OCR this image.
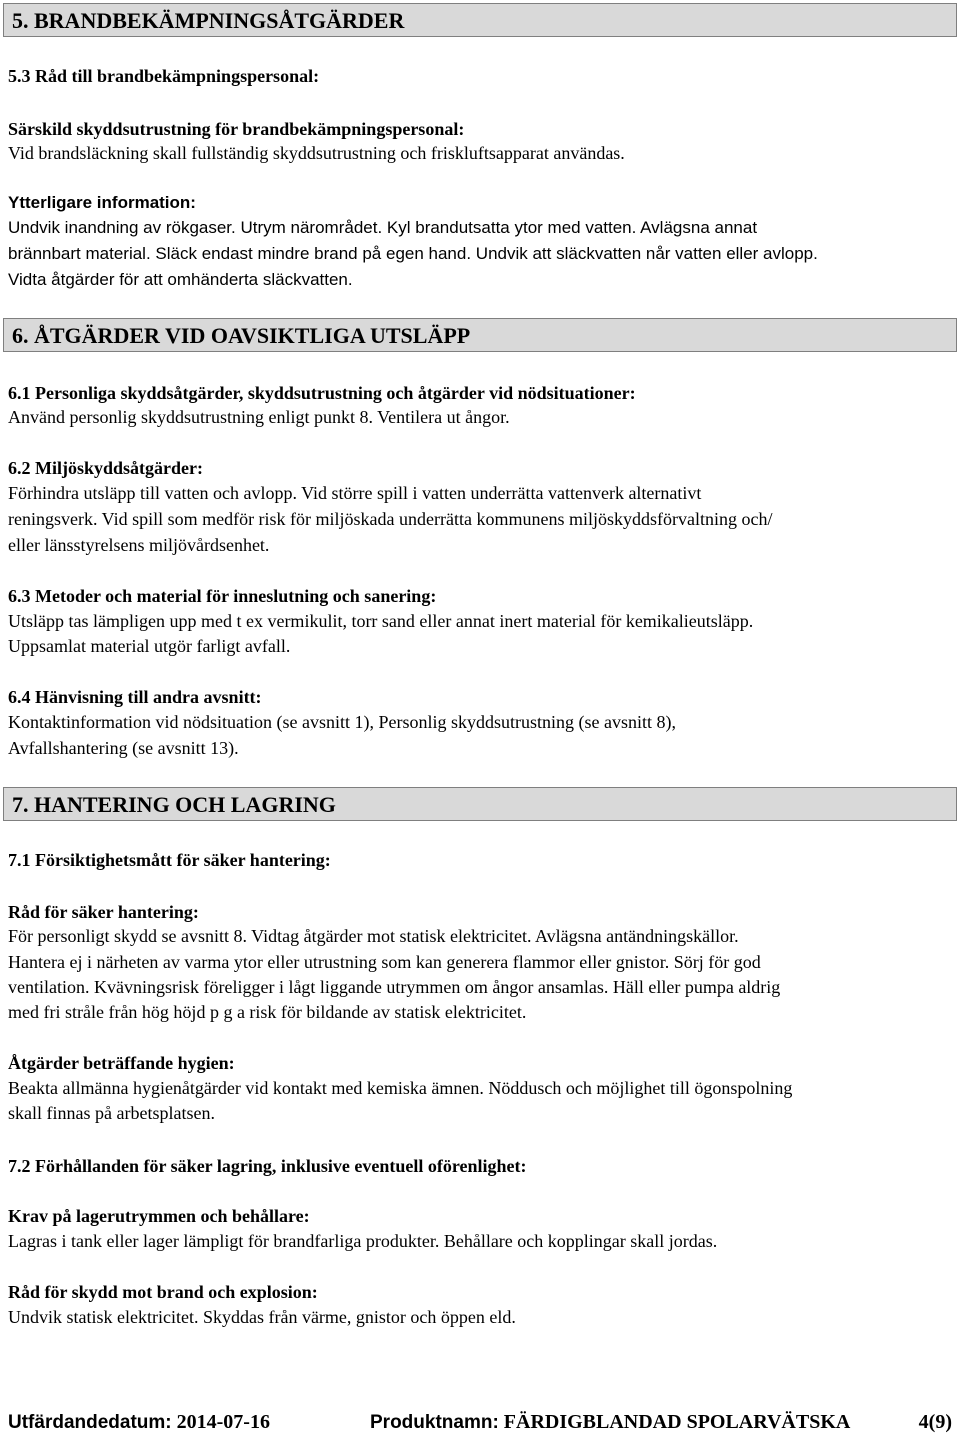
5. BRANDBEKÄMPNINGSÅTGÄRDER
5.3 Råd till brandbekämpningspersonal:
Särskild skyddsutrustning för brandbekämpningspersonal:
Vid brandsläckning skall fullständig skyddsutrustning och friskluftsapparat användas.
Ytterligare information:
Undvik inandning av rökgaser. Utrym närområdet. Kyl brandutsatta ytor med vatten. Avlägsna annat
brännbart material. Släck endast mindre brand på egen hand. Undvik att släckvatten når vatten eller avlopp.
Vidta åtgärder för att omhänderta släckvatten.
6. ÅTGÄRDER VID OAVSIKTLIGA UTSLÄPP
6.1 Personliga skyddsåtgärder, skyddsutrustning och åtgärder vid nödsituationer:
Använd personlig skyddsutrustning enligt punkt 8. Ventilera ut ångor.
6.2 Miljöskyddsåtgärder:
Förhindra utsläpp till vatten och avlopp. Vid större spill i vatten underrätta vattenverk alternativt
reningsverk. Vid spill som medför risk för miljöskada underrätta kommunens miljöskyddsförvaltning och/
eller länsstyrelsens miljövårdsenhet.
6.3 Metoder och material för inneslutning och sanering:
Utsläpp tas lämpligen upp med t ex vermikulit, torr sand eller annat inert material för kemikalieutsläpp.
Uppsamlat material utgör farligt avfall.
6.4 Hänvisning till andra avsnitt:
Kontaktinformation vid nödsituation (se avsnitt 1), Personlig skyddsutrustning (se avsnitt 8),
Avfallshantering (se avsnitt 13).
7. HANTERING OCH LAGRING
7.1 Försiktighetsmått för säker hantering:
Råd för säker hantering:
För personligt skydd se avsnitt 8. Vidtag åtgärder mot statisk elektricitet. Avlägsna antändningskällor.
Hantera ej i närheten av varma ytor eller utrustning som kan generera flammor eller gnistor. Sörj för god
ventilation. Kvävningsrisk föreligger i lågt liggande utrymmen om ångor ansamlas. Häll eller pumpa aldrig
med fri stråle från hög höjd p g a risk för bildande av statisk elektricitet.
Åtgärder beträffande hygien:
Beakta allmänna hygienåtgärder vid kontakt med kemiska ämnen. Nöddusch och möjlighet till ögonspolning
skall finnas på arbetsplatsen.
7.2 Förhållanden för säker lagring, inklusive eventuell oförenlighet:
Krav på lagerutrymmen och behållare:
Lagras i tank eller lager lämpligt för brandfarliga produkter. Behållare och kopplingar skall jordas.
Råd för skydd mot brand och explosion:
Undvik statisk elektricitet. Skyddas från värme, gnistor och öppen eld.
Utfärdandedatum: 2014-07-16	Produktnamn: FÄRDIGBLANDAD SPOLARVÄTSKA	4(9)
